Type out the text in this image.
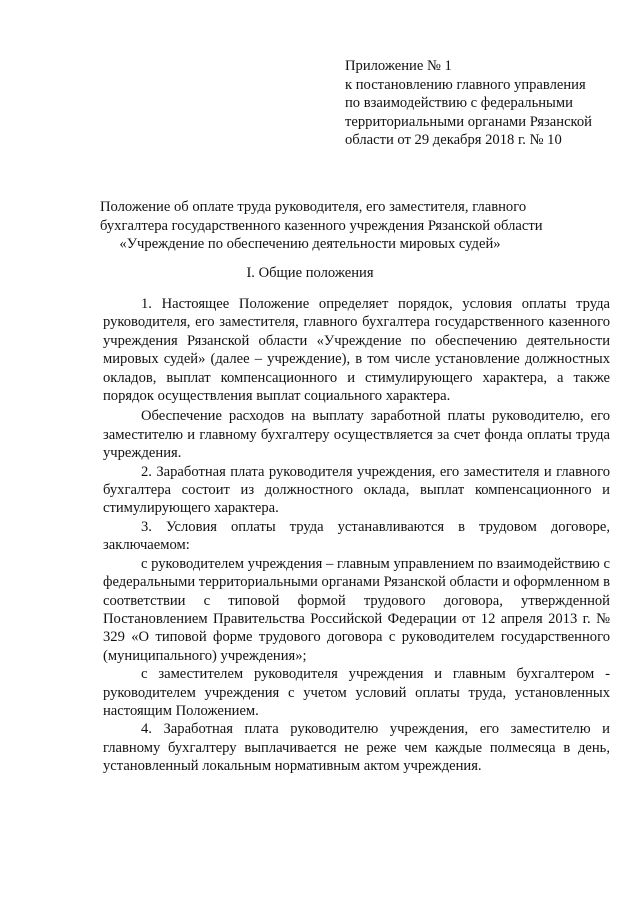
Приложение № 1
к постановлению главного управления
по взаимодействию с федеральными
территориальными органами Рязанской
области от 29 декабря 2018 г. № 10
Положение об оплате труда руководителя, его заместителя, главного
бухгалтера государственного казенного учреждения Рязанской области
«Учреждение по обеспечению деятельности мировых судей»
I. Общие положения

1. Настоящее Положение определяет порядок, условия оплаты труда руководителя, его заместителя, главного бухгалтера государственного казенного учреждения Рязанской области «Учреждение по обеспечению деятельности мировых судей» (далее – учреждение), в том числе установление должностных окладов, выплат компенсационного и стимулирующего характера, а также порядок осуществления выплат социального характера.

Обеспечение расходов на выплату заработной платы руководителю, его заместителю и главному бухгалтеру осуществляется за счет фонда оплаты труда учреждения.

2. Заработная плата руководителя учреждения, его заместителя и главного бухгалтера состоит из должностного оклада, выплат компенсационного и стимулирующего характера.

3. Условия оплаты труда устанавливаются в трудовом договоре, заключаемом:

с руководителем учреждения – главным управлением по взаимодействию с федеральными территориальными органами Рязанской области и оформленном в соответствии с типовой формой трудового договора, утвержденной Постановлением Правительства Российской Федерации от 12 апреля 2013 г. № 329 «О типовой форме трудового договора с руководителем государственного (муниципального) учреждения»;

с заместителем руководителя учреждения и главным бухгалтером - руководителем учреждения с учетом условий оплаты труда, установленных настоящим Положением.

4. Заработная плата руководителю учреждения, его заместителю и главному бухгалтеру выплачивается не реже чем каждые полмесяца в день, установленный локальным нормативным актом учреждения.
